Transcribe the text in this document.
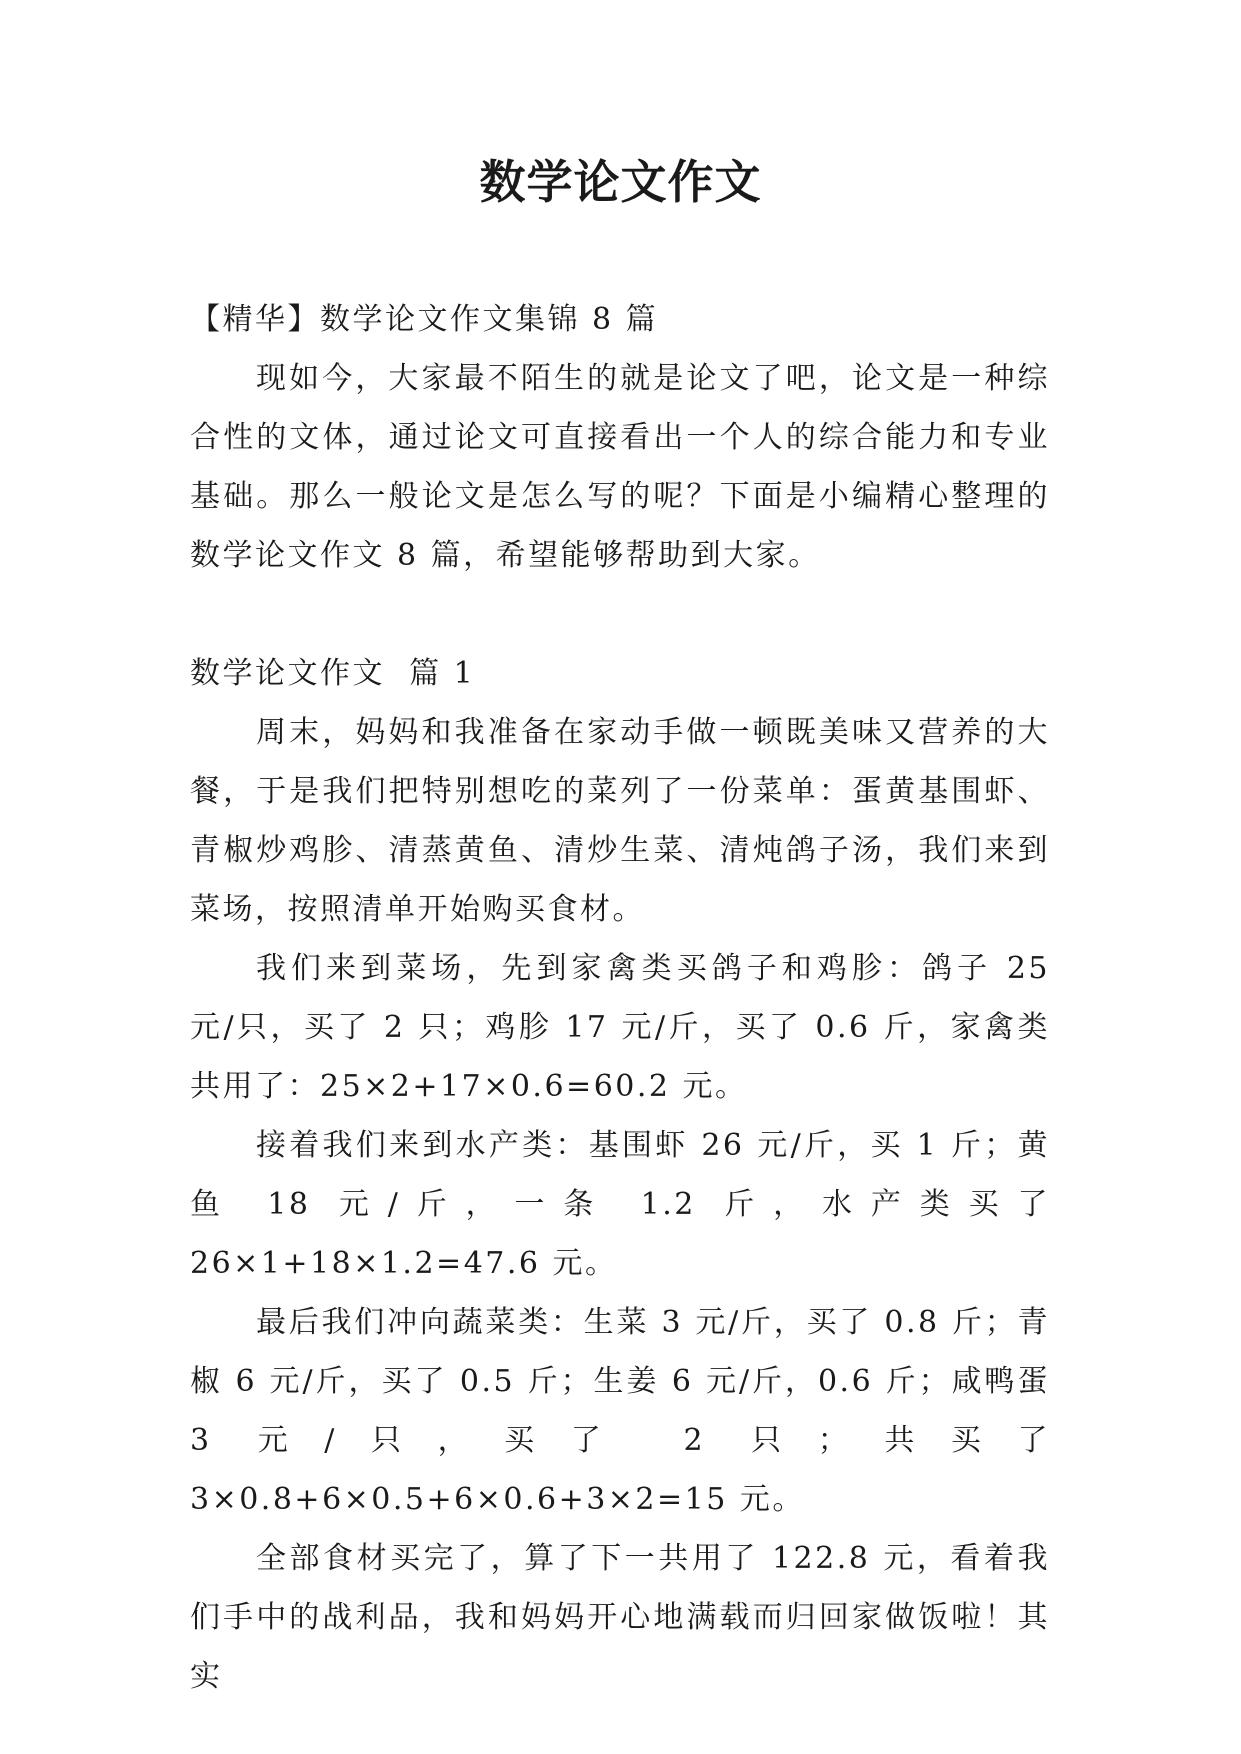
数学论文作文

【精华】数学论文作文集锦 8 篇

现如今，大家最不陌生的就是论文了吧，论文是一种综合性的文体，通过论文可直接看出一个人的综合能力和专业基础。那么一般论文是怎么写的呢？下面是小编精心整理的数学论文作文 8 篇，希望能够帮助到大家。

数学论文作文  篇 1

周末，妈妈和我准备在家动手做一顿既美味又营养的大餐，于是我们把特别想吃的菜列了一份菜单：蛋黄基围虾、青椒炒鸡胗、清蒸黄鱼、清炒生菜、清炖鸽子汤，我们来到菜场，按照清单开始购买食材。

我们来到菜场，先到家禽类买鸽子和鸡胗：鸽子 25 元/只，买了 2 只；鸡胗 17 元/斤，买了 0.6 斤，家禽类共用了：25×2+17×0.6=60.2 元。

接着我们来到水产类：基围虾 26 元/斤，买 1 斤；黄鱼 18 元/斤，一条 1.2 斤，水产类买了 26×1+18×1.2=47.6 元。

最后我们冲向蔬菜类：生菜 3 元/斤，买了 0.8 斤；青椒 6 元/斤，买了 0.5 斤；生姜 6 元/斤，0.6 斤；咸鸭蛋 3 元/只，买了 2 只；共买了 3×0.8+6×0.5+6×0.6+3×2=15 元。

全部食材买完了，算了下一共用了 122.8 元，看着我们手中的战利品，我和妈妈开心地满载而归回家做饭啦！其实
